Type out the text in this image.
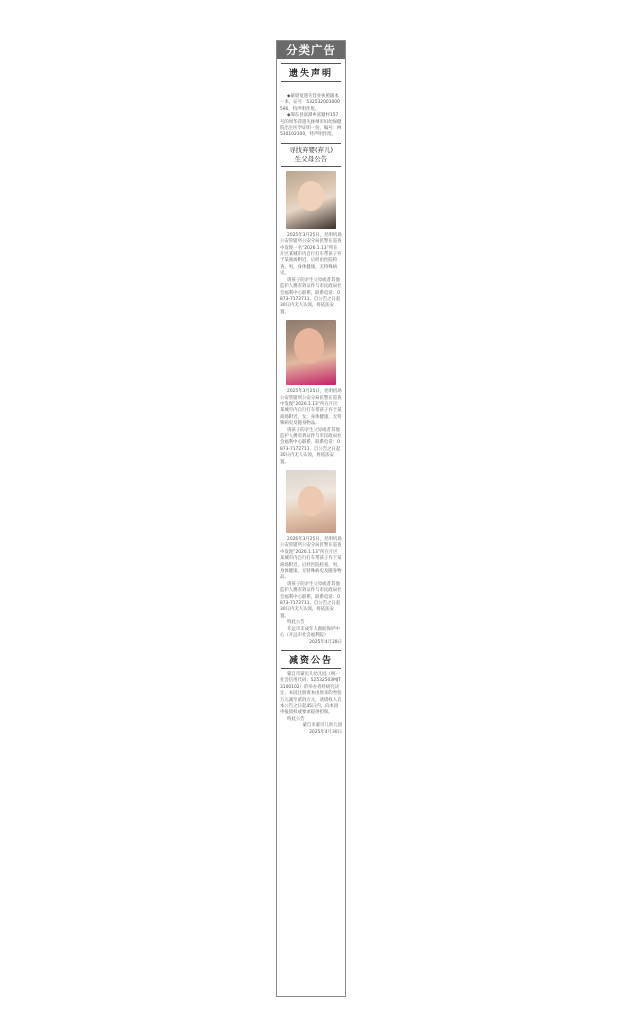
分类广告
遗失声明
◆蒙晨宽遗失营业执照副本一本，证号：532532001000596，特声明作废。
◆潭东县富潭乡富塘村157号的周华萍遗失林州市妇幼保健院出生医学证明一份，编号：M530102100，特声明作废。
寻找弃婴(弃儿)
生父母公告
2025年3月25日，昆明机场公安管辖所公安分局民警在巡查中发现一名“2026.1.13”所在片区某城市内自行打车带孩子弃于某商场附近，后经由医院检查，男，身体健康，无特殊病史。
请孩子的亲生父母或者其他监护人携有效证件与市民政局社会福利中心联系，联系电话：0873-7172711，自公告之日起30日内无人认领，将依法安置。
2025年3月25日，昆明机场公安管辖所公安分局民警在巡查中发现“2026.1.13”所在片区某城市内自行打车带孩子弃于某商场附近，女，身体健康，无特殊病史及随身物品。
请孩子的亲生父母或者其他监护人携有效证件与市民政局社会福利中心联系，联系电话：0873-7172711，自公告之日起30日内无人认领，将依法安置。
2026年3月25日，昆明机场公安管辖所公安分局民警在巡查中发现“2026.1.13”所在片区某城市内自行打车带孩子弃于某商场附近，后经医院检查，男，身体健康，无特殊病史及随身物品。
请孩子的亲生父母或者其他监护人携有效证件与市民政局社会福利中心联系，联系电话：0873-7172711，自公告之日起30日内无人认领，将依法安置。
特此公告
开远市未成年人救助保护中心（开远市社会福利院）
2025年4月28日
减资公告
蒙自市蒙贝儿幼儿园（统一社会信用代码：52532503MJT3100102）的举办者经研究决定，本园注册资本由原来的叁佰万元减至贰佰万元，请债权人自本公告之日起45日内，向本园申报债权或要求提供担保。
特此公告
蒙自市蒙贝儿幼儿园
2025年4月30日
